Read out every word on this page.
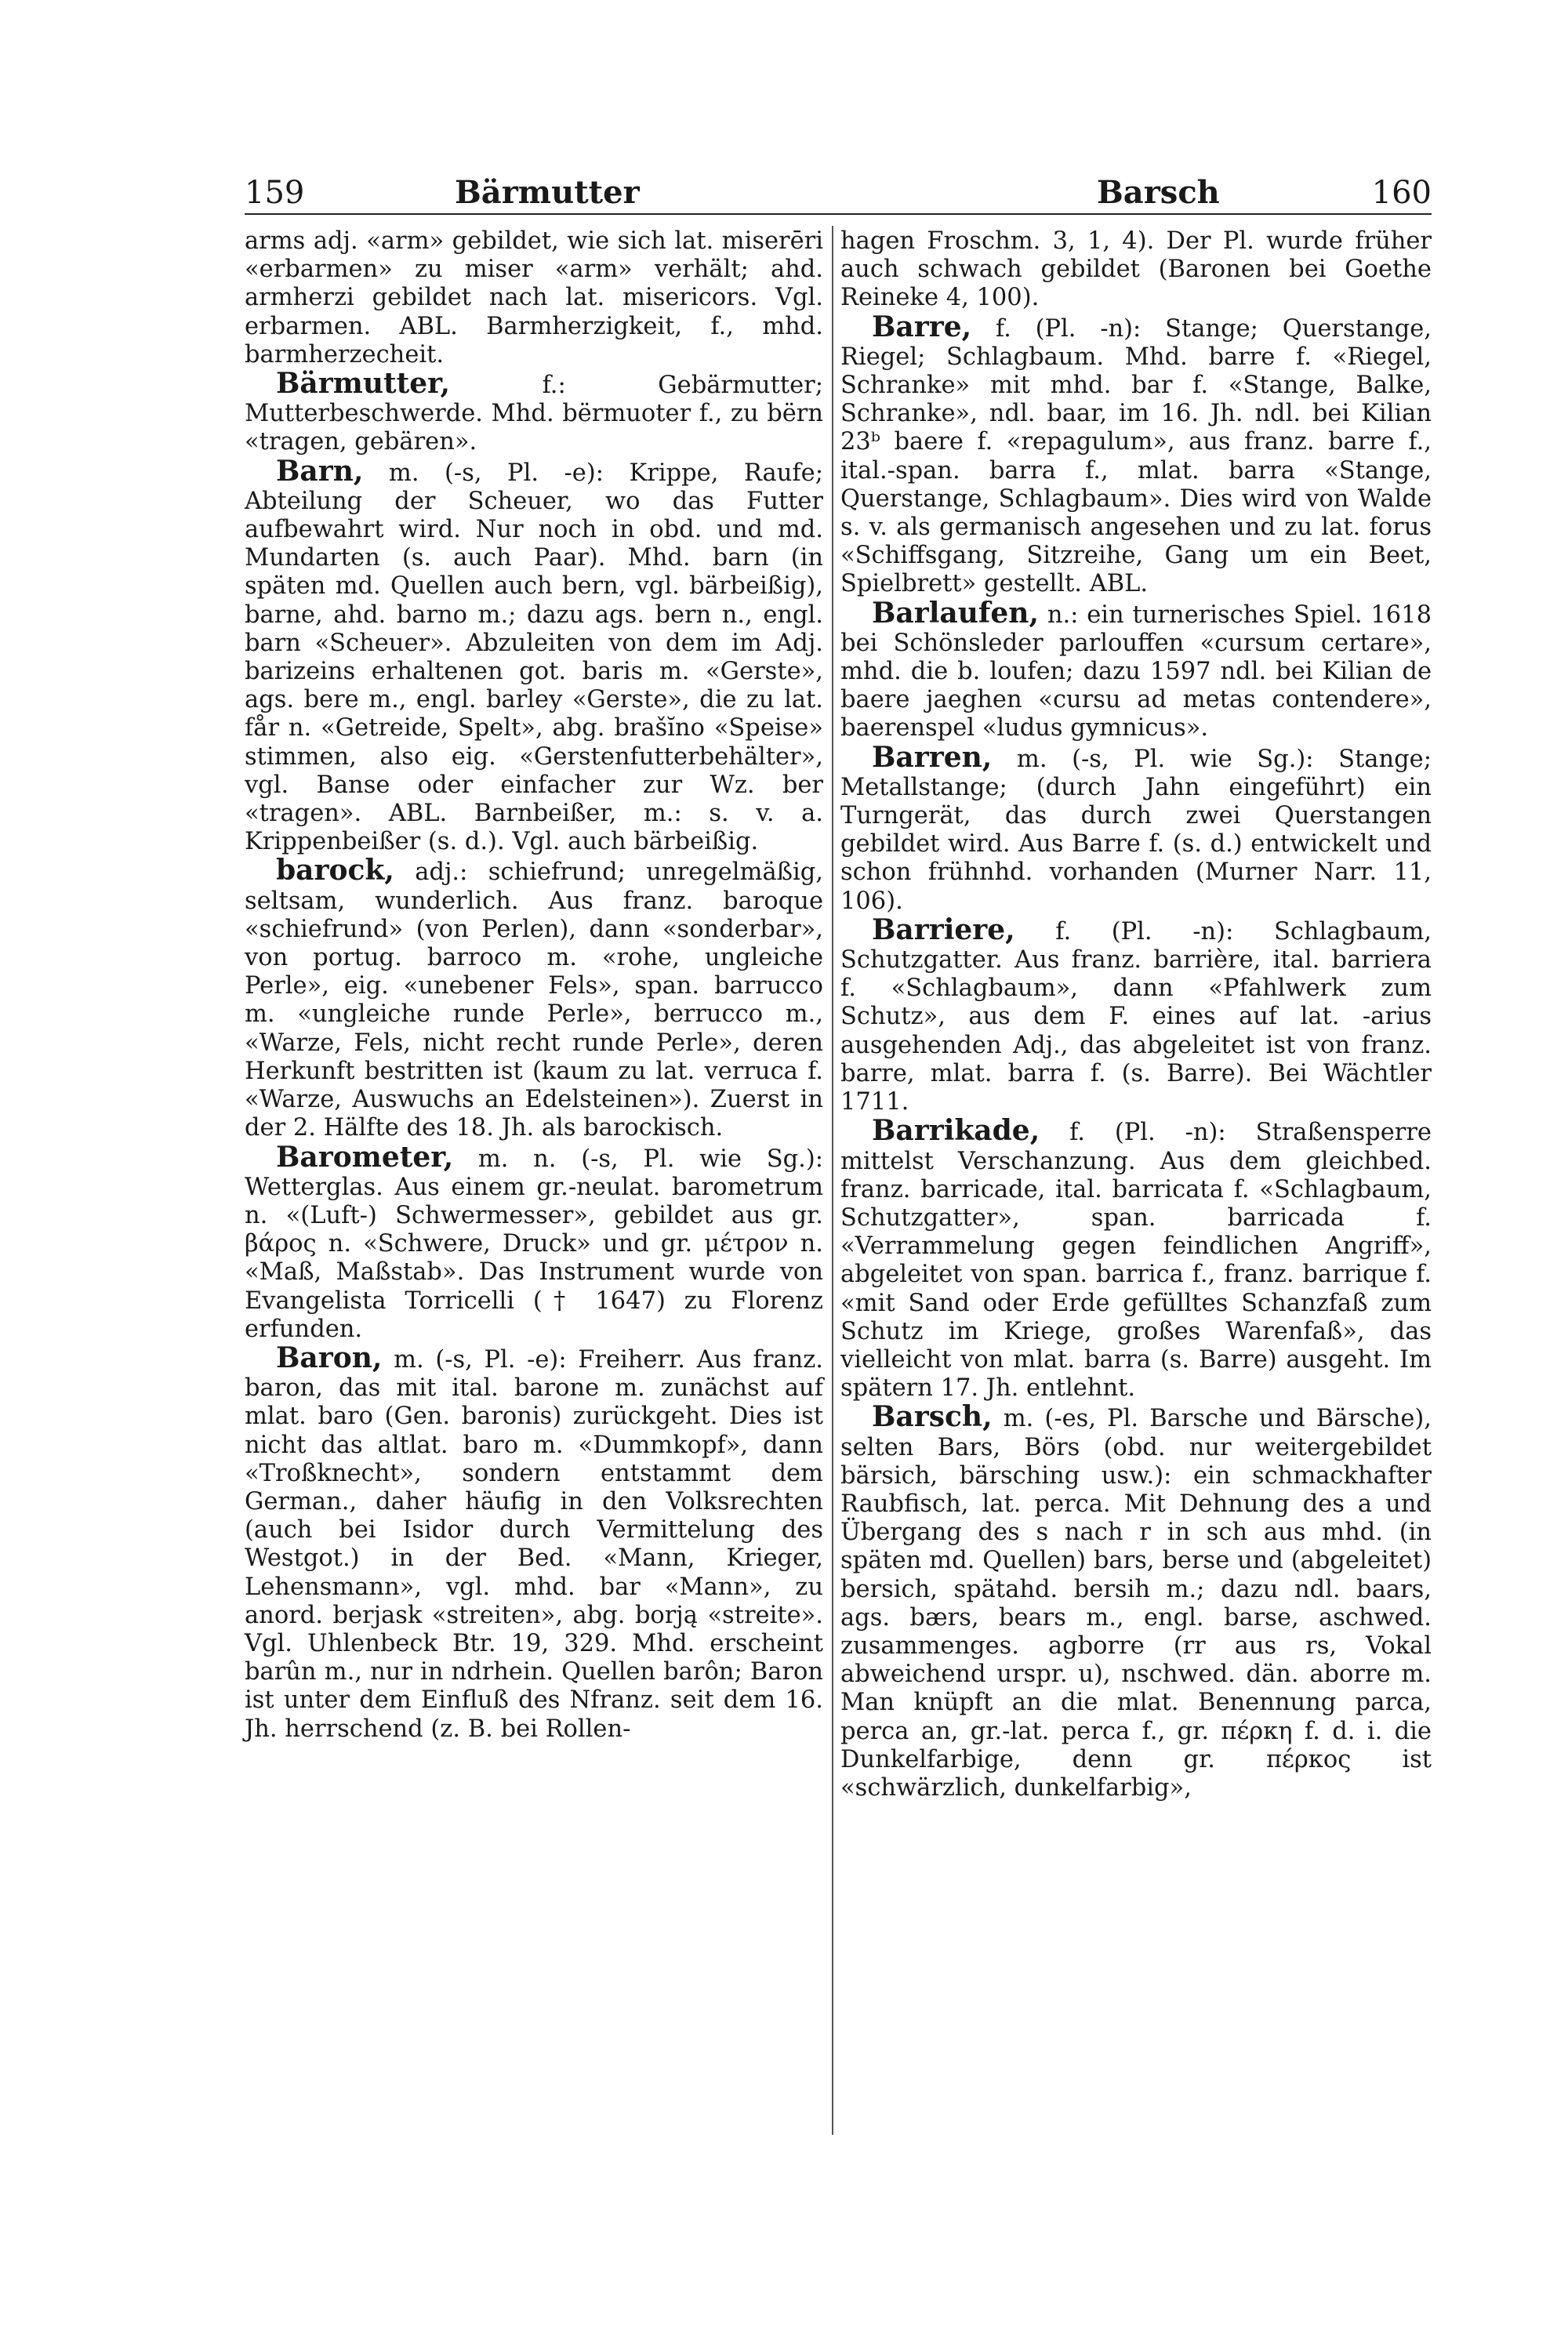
159	Bärmutter	Barsch	160

arms adj. «arm» gebildet, wie sich lat. miserēri «erbarmen» zu miser «arm» verhält; ahd. armherzi gebildet nach lat. misericors. Vgl. erbarmen. ABL. Barmherzigkeit, f., mhd. barmherzecheit.

Bärmutter,	f.: Gebärmutter; Mutterbeschwerde. Mhd. bërmuoter f., zu bërn «tragen, gebären».

Barn, m. (-s, Pl. -e): Krippe, Raufe; Abteilung der Scheuer, wo das Futter aufbewahrt wird. Nur noch in obd. und md. Mundarten (s. auch Paar). Mhd. barn (in späten md. Quellen auch bern, vgl. bärbeißig), barne, ahd. barno m.; dazu ags. bern n., engl. barn «Scheuer». Abzuleiten von dem im Adj. barizeins erhaltenen got. baris m. «Gerste», ags. bere m., engl. barley «Gerste», die zu lat. får n. «Getreide, Spelt», abg. brašĭno «Speise» stimmen, also eig. «Gerstenfutterbehälter», vgl. Banse oder einfacher zur Wz. ber «tragen». ABL. Barnbeißer, m.: s. v. a. Krippenbeißer (s. d.). Vgl. auch bärbeißig.

barock, adj.: schiefrund; unregelmäßig, seltsam, wunderlich. Aus franz. baroque «schiefrund» (von Perlen), dann «sonderbar», von portug. barroco m. «rohe, ungleiche Perle», eig. «unebener Fels», span. barrucco m. «ungleiche runde Perle», berrucco m., «Warze, Fels, nicht recht runde Perle», deren Herkunft bestritten ist (kaum zu lat. verruca f. «Warze, Auswuchs an Edelsteinen»). Zuerst in der 2. Hälfte des 18. Jh. als barockisch.

Barometer, m. n. (-s, Pl. wie Sg.): Wetterglas. Aus einem gr.-neulat. barometrum n. «(Luft-) Schwermesser», gebildet aus gr. βάρος n. «Schwere, Druck» und gr. μέτρον n. «Maß, Maßstab». Das Instrument wurde von Evangelista Torricelli († 1647) zu Florenz erfunden.

Baron, m. (-s, Pl. -e): Freiherr. Aus franz. baron, das mit ital. barone m. zunächst auf mlat. baro (Gen. baronis) zurückgeht. Dies ist nicht das altlat. baro m. «Dummkopf», dann «Troßknecht», sondern entstammt dem German., daher häufig in den Volksrechten (auch bei Isidor durch Vermittelung des Westgot.) in der Bed. «Mann, Krieger, Lehensmann», vgl. mhd. bar «Mann», zu anord. berjask «streiten», abg. borją «streite». Vgl. Uhlenbeck Btr. 19, 329. Mhd. erscheint barûn m., nur in ndrhein. Quellen barôn; Baron ist unter dem Einfluß des Nfranz. seit dem 16. Jh. herrschend (z. B. bei Rollen-

hagen Froschm. 3, 1, 4). Der Pl. wurde früher auch schwach gebildet (Baronen bei Goethe Reineke 4, 100).

Barre, f. (Pl. -n): Stange; Querstange, Riegel; Schlagbaum. Mhd. barre f. «Riegel, Schranke» mit mhd. bar f. «Stange, Balke, Schranke», ndl. baar, im 16. Jh. ndl. bei Kilian 23ᵇ baere f. «repagulum», aus franz. barre f., ital.-span. barra f., mlat. barra «Stange, Querstange, Schlagbaum». Dies wird von Walde s. v. als germanisch angesehen und zu lat. forus «Schiffsgang, Sitzreihe, Gang um ein Beet, Spielbrett» gestellt. ABL.

Barlaufen, n.: ein turnerisches Spiel. 1618 bei Schönsleder parlouffen «cursum certare», mhd. die b. loufen; dazu 1597 ndl. bei Kilian de baere jaeghen «cursu ad metas contendere», baerenspel «ludus gymnicus».

Barren, m. (-s, Pl. wie Sg.): Stange; Metallstange; (durch Jahn eingeführt) ein Turngerät, das durch zwei Querstangen gebildet wird. Aus Barre f. (s. d.) entwickelt und schon frühnhd. vorhanden (Murner Narr. 11, 106).

Barriere, f. (Pl. -n): Schlagbaum, Schutzgatter. Aus franz. barrière, ital. barriera f. «Schlagbaum», dann «Pfahlwerk zum Schutz», aus dem F. eines auf lat. -arius ausgehenden Adj., das abgeleitet ist von franz. barre, mlat. barra f. (s. Barre). Bei Wächtler 1711.

Barrikade, f. (Pl. -n): Straßensperre mittelst Verschanzung. Aus dem gleichbed. franz. barricade, ital. barricata f. «Schlagbaum, Schutzgatter», span. barricada f. «Verrammelung gegen feindlichen Angriff», abgeleitet von span. barrica f., franz. barrique f. «mit Sand oder Erde gefülltes Schanzfaß zum Schutz im Kriege, großes Warenfaß», das vielleicht von mlat. barra (s. Barre) ausgeht. Im spätern 17. Jh. entlehnt.

Barsch, m. (-es, Pl. Barsche und Bärsche), selten Bars, Börs (obd. nur weitergebildet bärsich, bärsching usw.): ein schmackhafter Raubfisch, lat. perca. Mit Dehnung des a und Übergang des s nach r in sch aus mhd. (in späten md. Quellen) bars, berse und (abgeleitet) bersich, spätahd. bersih m.; dazu ndl. baars, ags. bærs, bears m., engl. barse, aschwed. zusammenges. agborre (rr aus rs, Vokal abweichend urspr. u), nschwed. dän. aborre m. Man knüpft an die mlat. Benennung parca, perca an, gr.-lat. perca f., gr. πέρκη f. d. i. die Dunkelfarbige, denn gr. πέρκος ist «schwärzlich, dunkelfarbig»,
